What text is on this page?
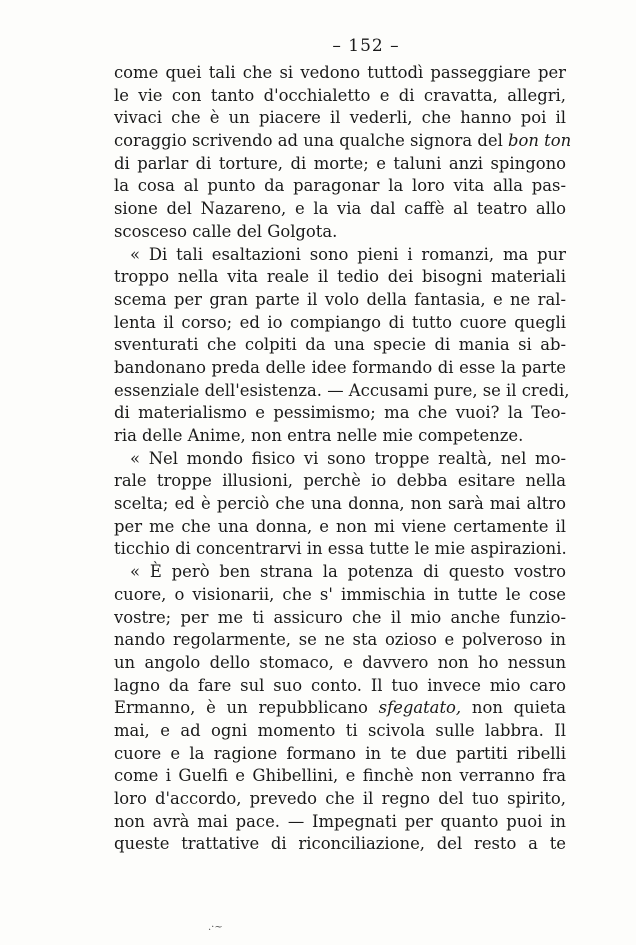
– 152 –
come quei tali che si vedono tuttodì passeggiare per
le vie con tanto d'occhialetto e di cravatta, allegri,
vivaci che è un piacere il vederli, che hanno poi il
coraggio scrivendo ad una qualche signora del bon ton
di parlar di torture, di morte; e taluni anzi spingono
la cosa al punto da paragonar la loro vita alla pas-
sione del Nazareno, e la via dal caffè al teatro allo
scosceso calle del Golgota.
« Di tali esaltazioni sono pieni i romanzi, ma pur
troppo nella vita reale il tedio dei bisogni materiali
scema per gran parte il volo della fantasia, e ne ral-
lenta il corso; ed io compiango di tutto cuore quegli
sventurati che colpiti da una specie di mania si ab-
bandonano preda delle idee formando di esse la parte
essenziale dell'esistenza. — Accusami pure, se il credi,
di materialismo e pessimismo; ma che vuoi? la Teo-
ria delle Anime, non entra nelle mie competenze.
« Nel mondo fisico vi sono troppe realtà, nel mo-
rale troppe illusioni, perchè io debba esitare nella
scelta; ed è perciò che una donna, non sarà mai altro
per me che una donna, e non mi viene certamente il
ticchio di concentrarvi in essa tutte le mie aspirazioni.
« È però ben strana la potenza di questo vostro
cuore, o visionarii, che s' immischia in tutte le cose
vostre; per me ti assicuro che il mio anche funzio-
nando regolarmente, se ne sta ozioso e polveroso in
un angolo dello stomaco, e davvero non ho nessun
lagno da fare sul suo conto. Il tuo invece mio caro
Ermanno, è un repubblicano sfegatato, non quieta
mai, e ad ogni momento ti scivola sulle labbra. Il
cuore e la ragione formano in te due partiti ribelli
come i Guelfi e Ghibellini, e finchè non verranno fra
loro d'accordo, prevedo che il regno del tuo spirito,
non avrà mai pace. — Impegnati per quanto puoi in
queste trattative di riconciliazione, del resto a te
.·~
